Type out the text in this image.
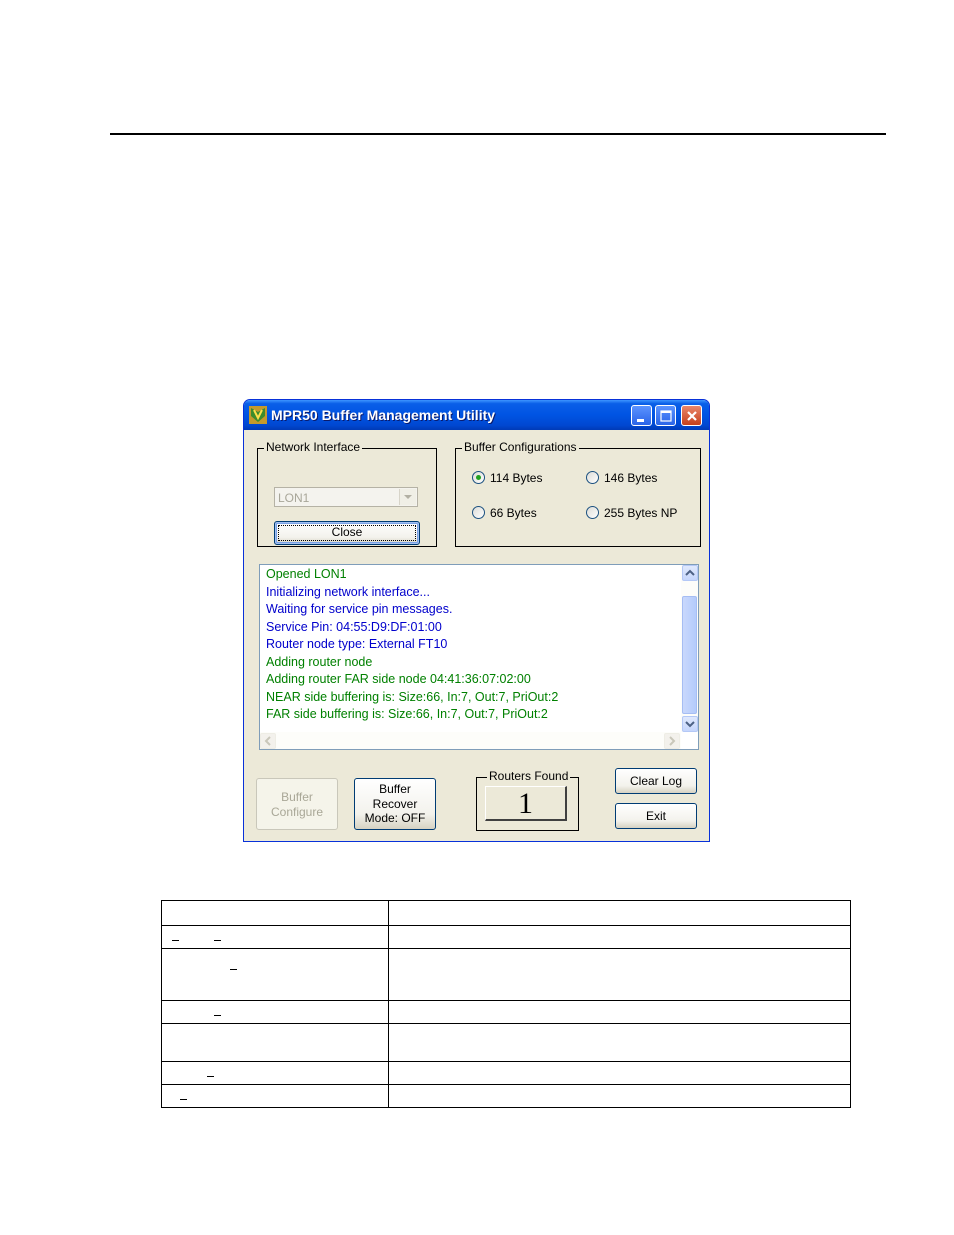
MPR50 Buffer Management Utility
Network Interface
LON1
Close
Buffer Configurations
114 Bytes	146 Bytes
66 Bytes	255 Bytes NP
Opened LON1
Initializing network interface...
Waiting for service pin messages.
Service Pin: 04:55:D9:DF:01:00
Router node type: External FT10
Adding router node
Adding router FAR side node 04:41:36:07:02:00
NEAR side buffering is: Size:66, In:7, Out:7, PriOut:2
FAR side buffering is: Size:66, In:7, Out:7, PriOut:2
Buffer
Configure
Buffer
Recover
Mode: OFF
Routers Found
1
Clear Log
Exit
